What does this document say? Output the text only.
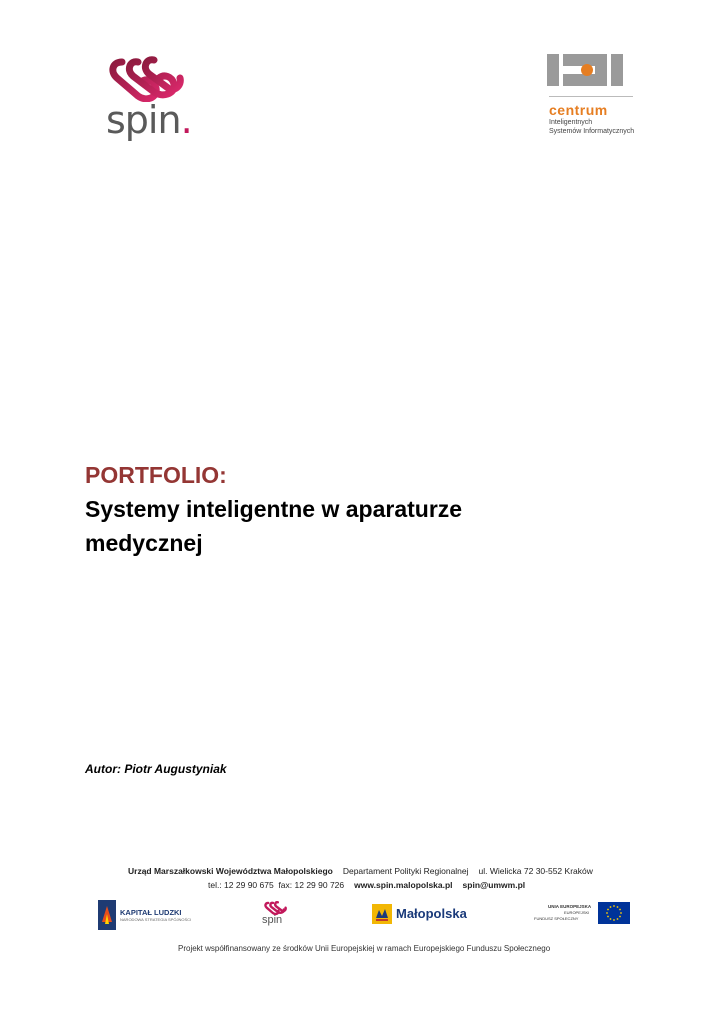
spin.	centrum
Inteligentnych
Systemów Informatycznych
PORTFOLIO:
Systemy inteligentne w aparaturze
medycznej
Autor: Piotr Augustyniak
Urząd Marszałkowski Województwa Małopolskiego Departament Polityki Regionalnej ul. Wielicka 72 30-552 Kraków
tel.: 12 29 90 675 fax: 12 29 90 726 www.spin.malopolska.pl spin@umwm.pl
KAPITAŁ LUDZKI
NARODOWA STRATEGIA SPÓJNOŚCI	spin	Małopolska	UNIA EUROPEJSKA
EUROPEJSKI
FUNDUSZ SPOŁECZNY
Projekt współfinansowany ze środków Unii Europejskiej w ramach Europejskiego Funduszu Społecznego
